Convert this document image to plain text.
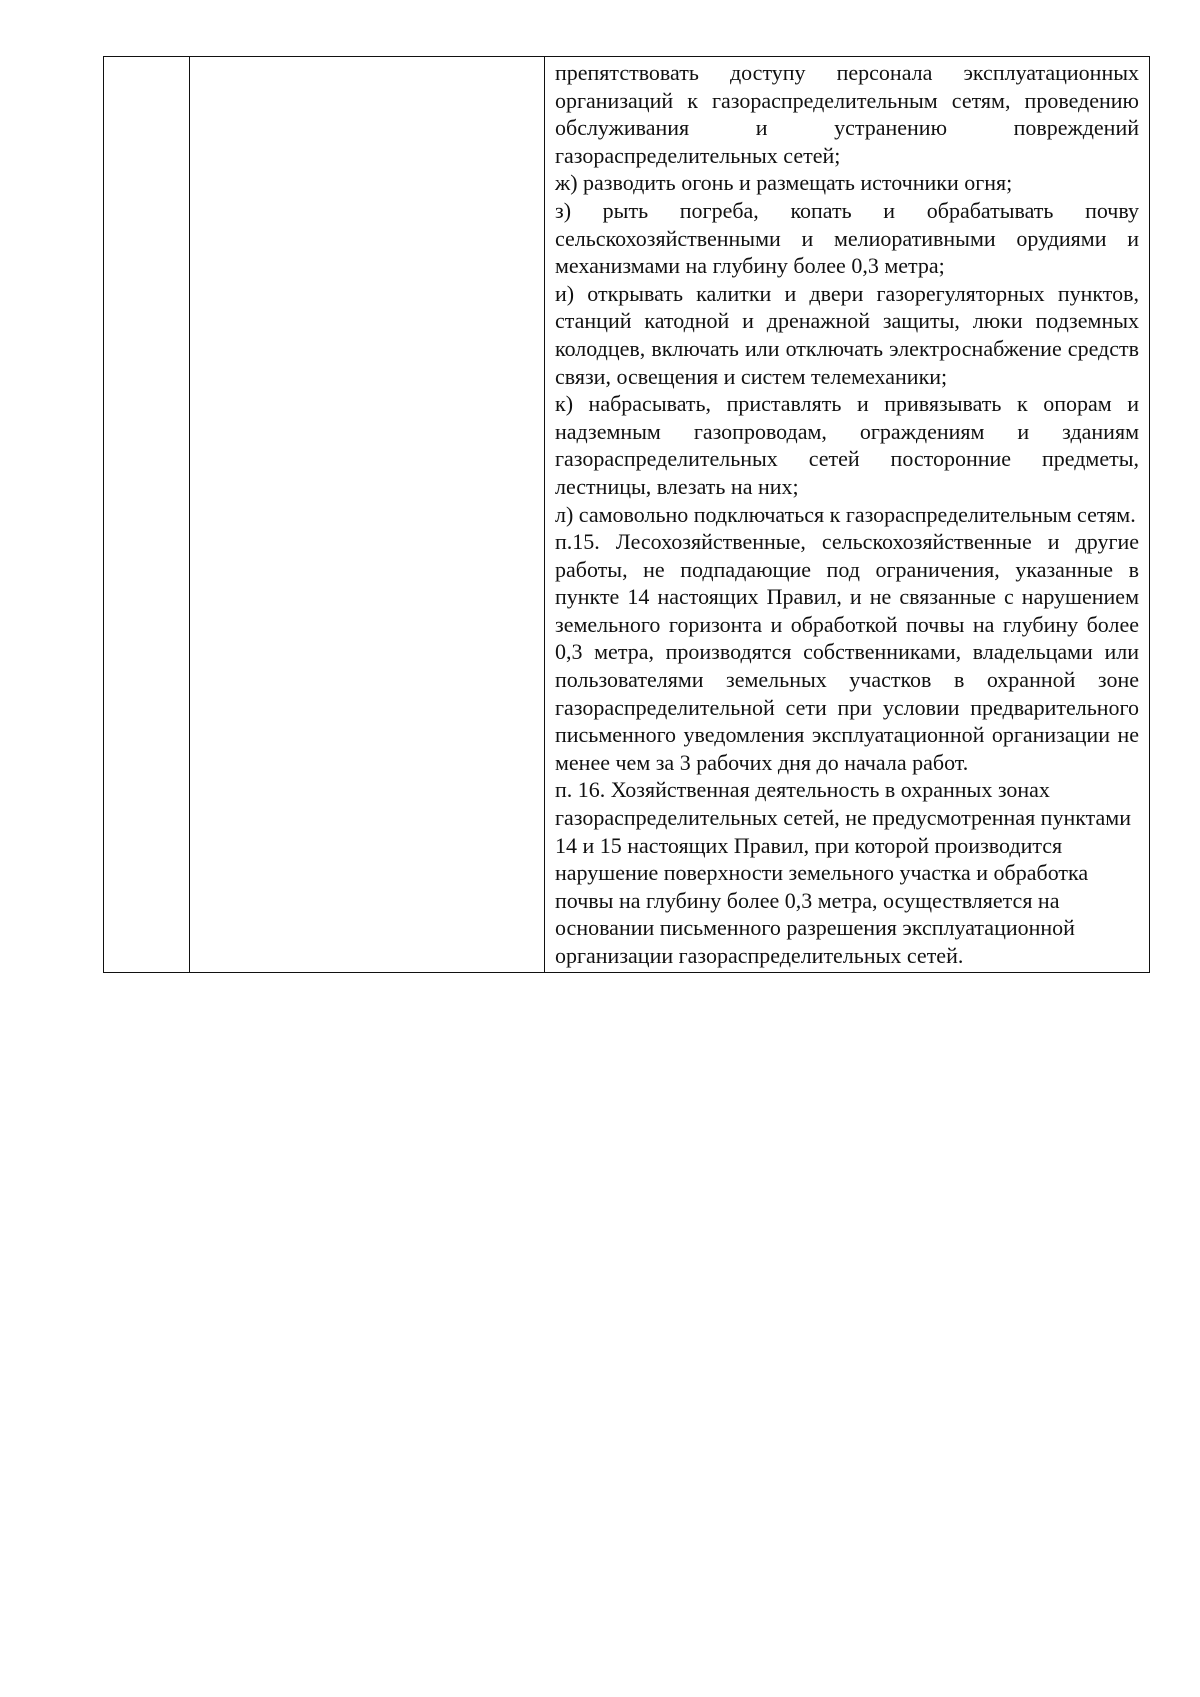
препятствовать доступу персонала эксплуатационных организаций к газораспределительным сетям, проведению обслуживания и устранению повреждений газораспределительных сетей;

ж) разводить огонь и размещать источники огня;

з) рыть погреба, копать и обрабатывать почву сельскохозяйственными и мелиоративными орудиями и механизмами на глубину более 0,3 метра;

и) открывать калитки и двери газорегуляторных пунктов, станций катодной и дренажной защиты, люки подземных колодцев, включать или отключать электроснабжение средств связи, освещения и систем телемеханики;

к) набрасывать, приставлять и привязывать к опорам и надземным газопроводам, ограждениям и зданиям газораспределительных сетей посторонние предметы, лестницы, влезать на них;

л) самовольно подключаться к газораспределительным сетям.

п.15. Лесохозяйственные, сельскохозяйственные и другие работы, не подпадающие под ограничения, указанные в пункте 14 настоящих Правил, и не связанные с нарушением земельного горизонта и обработкой почвы на глубину более 0,3 метра, производятся собственниками, владельцами или пользователями земельных участков в охранной зоне газораспределительной сети при условии предварительного письменного уведомления эксплуатационной организации не менее чем за 3 рабочих дня до начала работ.

п. 16. Хозяйственная деятельность в охранных зонах газораспределительных сетей, не предусмотренная пунктами 14 и 15 настоящих Правил, при которой производится нарушение поверхности земельного участка и обработка почвы на глубину более 0,3 метра, осуществляется на основании письменного разрешения эксплуатационной организации газораспределительных сетей.
